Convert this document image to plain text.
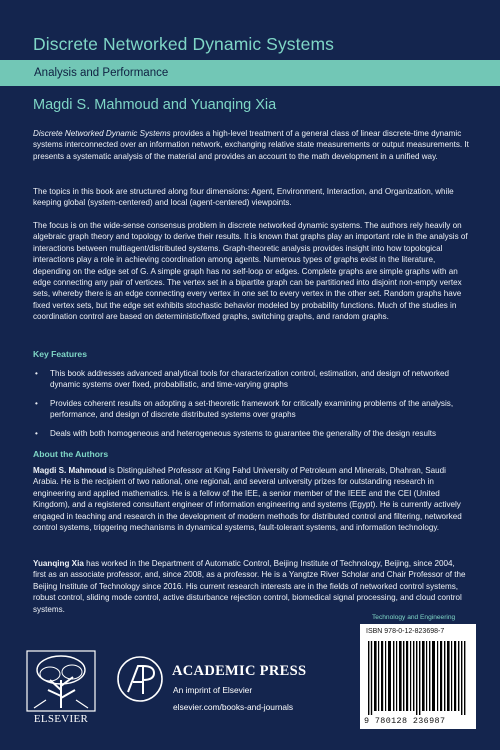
Discrete Networked Dynamic Systems
Analysis and Performance
Magdi S. Mahmoud and Yuanqing Xia

Discrete Networked Dynamic Systems provides a high-level treatment of a general class of linear discrete-time dynamic systems interconnected over an information network, exchanging relative state measurements or output measurements. It presents a systematic analysis of the material and provides an account to the math development in a unified way.

The topics in this book are structured along four dimensions: Agent, Environment, Interaction, and Organization, while keeping global (system-centered) and local (agent-centered) viewpoints.

The focus is on the wide-sense consensus problem in discrete networked dynamic systems. The authors rely heavily on algebraic graph theory and topology to derive their results. It is known that graphs play an important role in the analysis of interactions between multiagent/distributed systems. Graph-theoretic analysis provides insight into how topological interactions play a role in achieving coordination among agents. Numerous types of graphs exist in the literature, depending on the edge set of G. A simple graph has no self-loop or edges. Complete graphs are simple graphs with an edge connecting any pair of vertices. The vertex set in a bipartite graph can be partitioned into disjoint non-empty vertex sets, whereby there is an edge connecting every vertex in one set to every vertex in the other set. Random graphs have fixed vertex sets, but the edge set exhibits stochastic behavior modeled by probability functions. Much of the studies in coordination control are based on deterministic/fixed graphs, switching graphs, and random graphs.

Key Features
• This book addresses advanced analytical tools for characterization control, estimation, and design of networked dynamic systems over fixed, probabilistic, and time-varying graphs
• Provides coherent results on adopting a set-theoretic framework for critically examining problems of the analysis, performance, and design of discrete distributed systems over graphs
• Deals with both homogeneous and heterogeneous systems to guarantee the generality of the design results
About the Authors

Magdi S. Mahmoud is Distinguished Professor at King Fahd University of Petroleum and Minerals, Dhahran, Saudi Arabia. He is the recipient of two national, one regional, and several university prizes for outstanding research in engineering and applied mathematics. He is a fellow of the IEE, a senior member of the IEEE and the CEI (United Kingdom), and a registered consultant engineer of information engineering and systems (Egypt). He is currently actively engaged in teaching and research in the development of modern methods for distributed control and filtering, networked control systems, triggering mechanisms in dynamical systems, fault-tolerant systems, and information technology.

Yuanqing Xia has worked in the Department of Automatic Control, Beijing Institute of Technology, Beijing, since 2004, first as an associate professor, and, since 2008, as a professor. He is a Yangtze River Scholar and Chair Professor of the Beijing Institute of Technology since 2016. His current research interests are in the fields of networked control systems, robust control, sliding mode control, active disturbance rejection control, biomedical signal processing, and cloud control systems.

Technology and Engineering
ISBN 978-0-12-823698-7
9 780128 236987
ELSEVIER
ACADEMIC PRESS
An imprint of Elsevier
elsevier.com/books-and-journals
